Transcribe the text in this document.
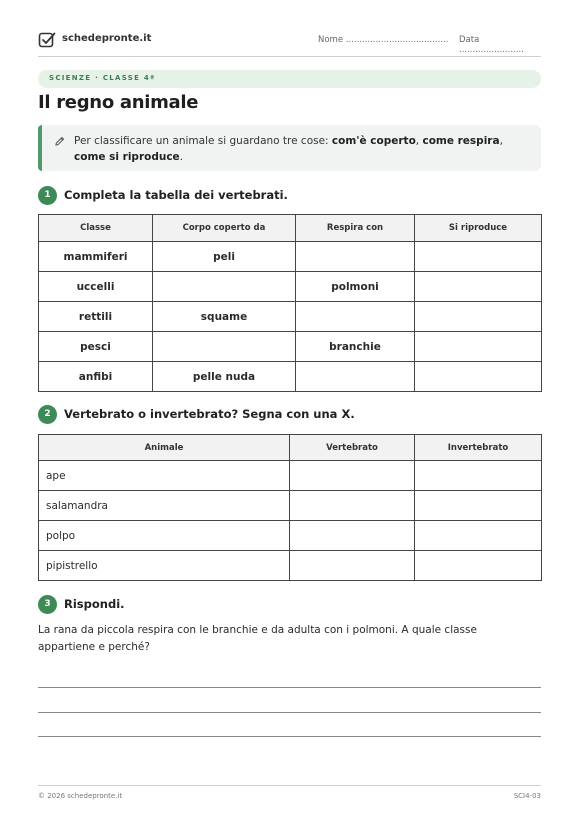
schedepronte.it	Nome ...................................... Data ........................
SCIENZE · CLASSE 4ª
Il regno animale
Per classificare un animale si guardano tre cose: com'è coperto, come respira, come si riproduce.
1	Completa la tabella dei vertebrati.
Classe	Corpo coperto da	Respira con	Si riproduce
mammiferi	peli		
uccelli		polmoni	
rettili	squame		
pesci		branchie	
anfibi	pelle nuda		
2	Vertebrato o invertebrato? Segna con una X.
Animale	Vertebrato	Invertebrato
ape		
salamandra		
polpo		
pipistrello		
3	Rispondi.
La rana da piccola respira con le branchie e da adulta con i polmoni. A quale classe appartiene e perché?
© 2026 schedepronte.it	SCI4-03
